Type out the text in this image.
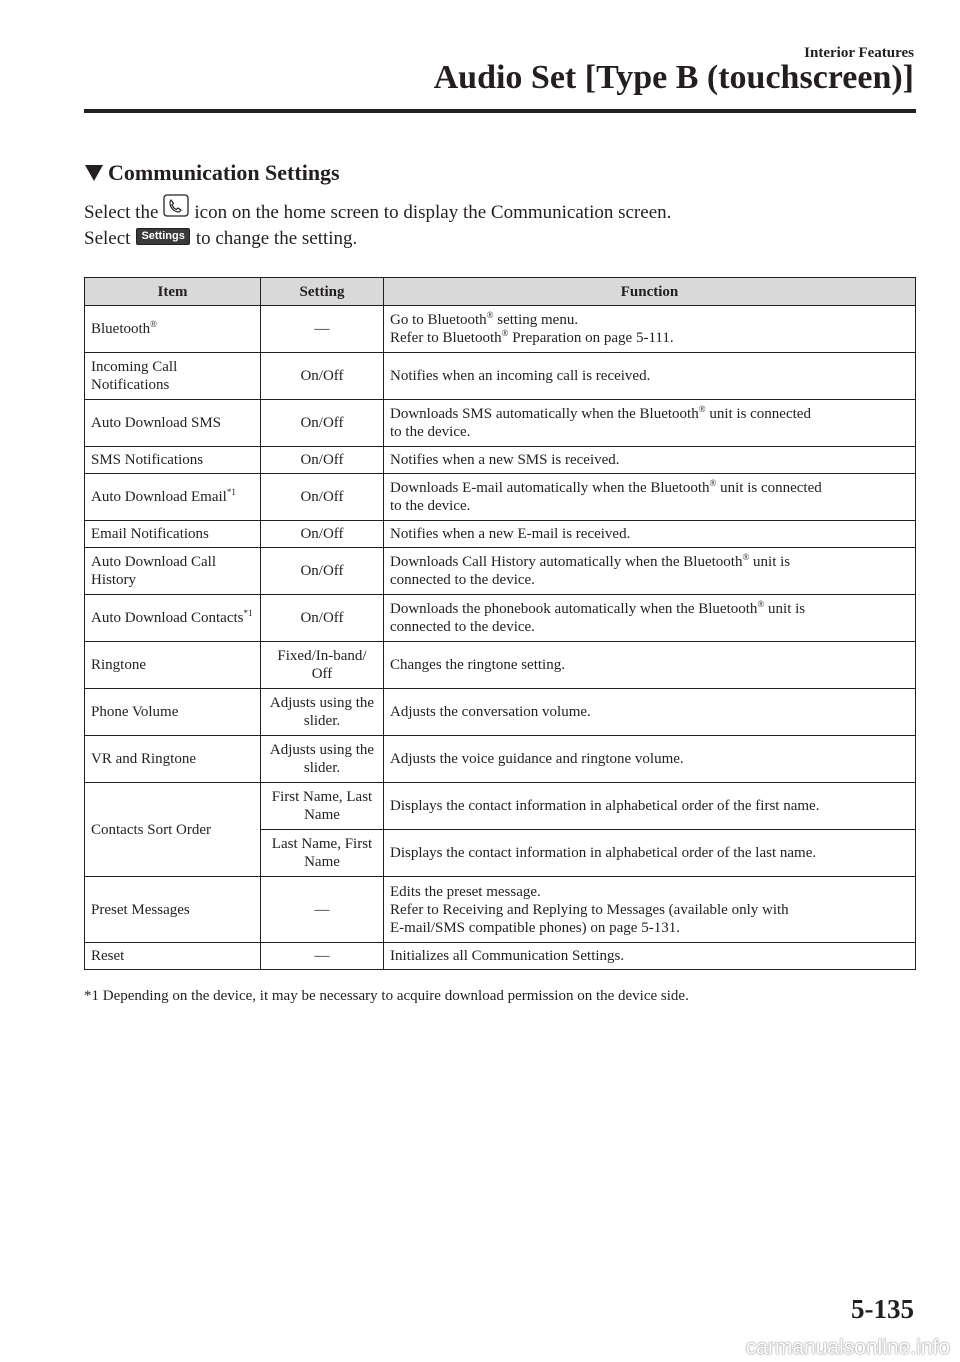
Interior Features
Audio Set [Type B (touchscreen)]
Communication Settings
Select the icon on the home screen to display the Communication screen.
Select	Settings to change the setting.
Item	Setting	Function
Bluetooth®	—	Go to Bluetooth® setting menu.
Refer to Bluetooth® Preparation on page 5-111.

Incoming Call Notifications	On/Off	Notifies when an incoming call is received.

Auto Download SMS	On/Off	Downloads SMS automatically when the Bluetooth® unit is connected
to the device.

SMS Notifications	On/Off	Notifies when a new SMS is received.

Auto Download Email$^{*1}$	On/Off	Downloads E-mail automatically when the Bluetooth® unit is connected
to the device.

Email Notifications	On/Off	Notifies when a new E-mail is received.

Auto Download Call History	On/Off	Downloads Call History automatically when the Bluetooth® unit is
connected to the device.

Auto Download Contacts$^{*1}$	On/Off	Downloads the phonebook automatically when the Bluetooth® unit is
connected to the device.

Ringtone	Fixed/In-band/ Off	Changes the ringtone setting.

Phone Volume	Adjusts using the slider.	Adjusts the conversation volume.

VR and Ringtone	Adjusts using the slider.	Adjusts the voice guidance and ringtone volume.

Contacts Sort Order	First Name, Last Name	Displays the contact information in alphabetical order of the first name.

	Last Name, First Name	Displays the contact information in alphabetical order of the last name.

Preset Messages	—	Edits the preset message.
Refer to Receiving and Replying to Messages (available only with
E-mail/SMS compatible phones) on page 5-131.

Reset	—	Initializes all Communication Settings.
*1 Depending on the device, it may be necessary to acquire download permission on the device side.
5-135
carmanualsonline.info
